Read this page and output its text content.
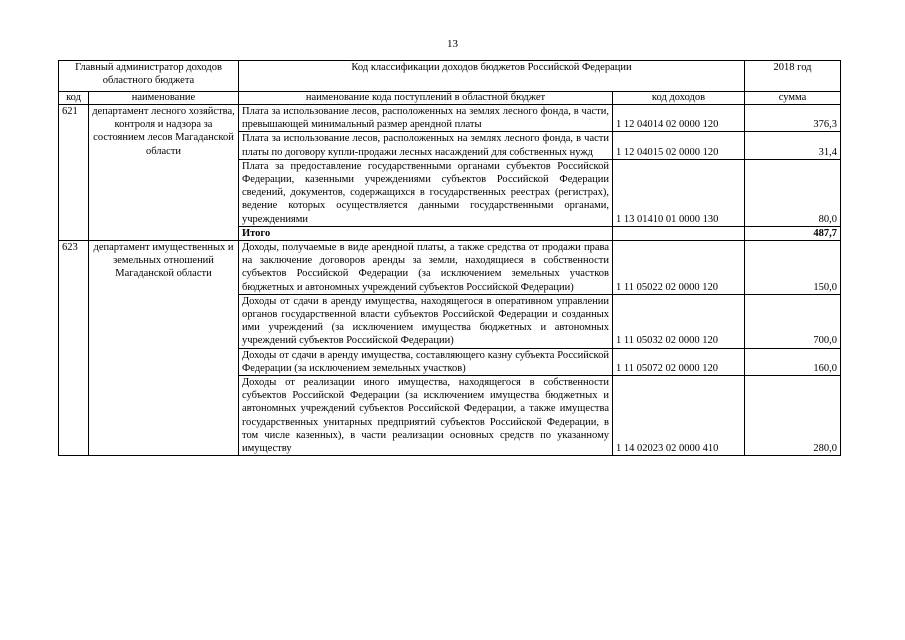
13
Главный администратор доходов областного бюджета		Код классификации доходов бюджетов Российской Федерации		2018 год
код	наименование	наименование кода поступлений в областной бюджет	код доходов	сумма
621	департамент лесного хозяйства, контроля и надзора за состоянием лесов Магаданской области	Плата за использование лесов, расположенных на землях лесного фонда, в части, превышающей минимальный размер арендной платы	1 12 04014 02 0000 120	376,3
		Плата за использование лесов, расположенных на землях лесного фонда, в части платы по договору купли-продажи лесных насаждений для собственных нужд	1 12 04015 02 0000 120	31,4
		Плата за предоставление государственными органами субъектов Российской Федерации, казенными учреждениями субъектов Российской Федерации сведений, документов, содержащихся в государственных реестрах (регистрах), ведение которых осуществляется данными государственными органами, учреждениями	1 13 01410 01 0000 130	80,0
		Итого		487,7
623	департамент имущественных и земельных отношений Магаданской области	Доходы, получаемые в виде арендной платы, а также средства от продажи права на заключение договоров аренды за земли, находящиеся в собственности субъектов Российской Федерации (за исключением земельных участков бюджетных и автономных учреждений субъектов Российской Федерации)	1 11 05022 02 0000 120	150,0
		Доходы от сдачи в аренду имущества, находящегося в оперативном управлении органов государственной власти субъектов Российской Федерации и созданных ими учреждений (за исключением имущества бюджетных и автономных учреждений субъектов Российской Федерации)	1 11 05032 02 0000 120	700,0
		Доходы от сдачи в аренду имущества, составляющего казну субъекта Российской Федерации (за исключением земельных участков)	1 11 05072 02 0000 120	160,0
		Доходы от реализации иного имущества, находящегося в собственности субъектов Российской Федерации (за исключением имущества бюджетных и автономных учреждений субъектов Российской Федерации, а также имущества государственных унитарных предприятий субъектов Российской Федерации, в том числе казенных), в части реализации основных средств по указанному имуществу	1 14 02023 02 0000 410	280,0
